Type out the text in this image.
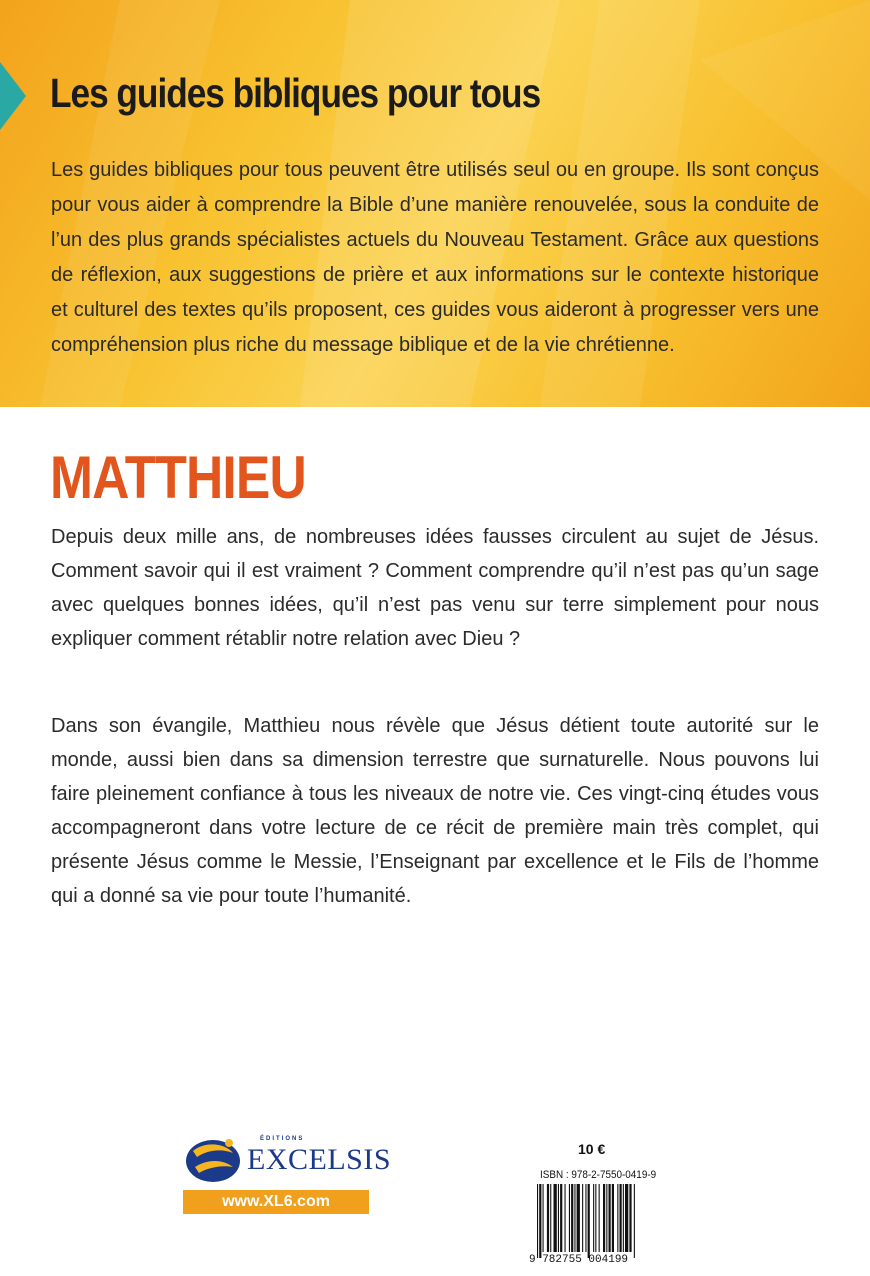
Les guides bibliques pour tous

Les guides bibliques pour tous peuvent être utilisés seul ou en groupe. Ils sont conçus pour vous aider à comprendre la Bible d’une manière renouvelée, sous la conduite de l’un des plus grands spécialistes actuels du Nouveau Testament. Grâce aux questions de réflexion, aux suggestions de prière et aux informations sur le contexte historique et culturel des textes qu’ils proposent, ces guides vous aideront à progresser vers une compréhension plus riche du message biblique et de la vie chrétienne.

MATTHIEU

Depuis deux mille ans, de nombreuses idées fausses circulent au sujet de Jésus. Comment savoir qui il est vraiment ? Comment comprendre qu’il n’est pas qu’un sage avec quelques bonnes idées, qu’il n’est pas venu sur terre simplement pour nous expliquer comment rétablir notre relation avec Dieu ?

Dans son évangile, Matthieu nous révèle que Jésus détient toute autorité sur le monde, aussi bien dans sa dimension terrestre que surnaturelle. Nous pouvons lui faire pleinement confiance à tous les niveaux de notre vie. Ces vingt-cinq études vous accompagneront dans votre lecture de ce récit de première main très complet, qui présente Jésus comme le Messie, l’Enseignant par excellence et le Fils de l’homme qui a donné sa vie pour toute l’humanité.

ÉDITIONS
EXCELSIS
www.XL6.com
10 €
ISBN : 978-2-7550-0419-9
9 782755 004199
